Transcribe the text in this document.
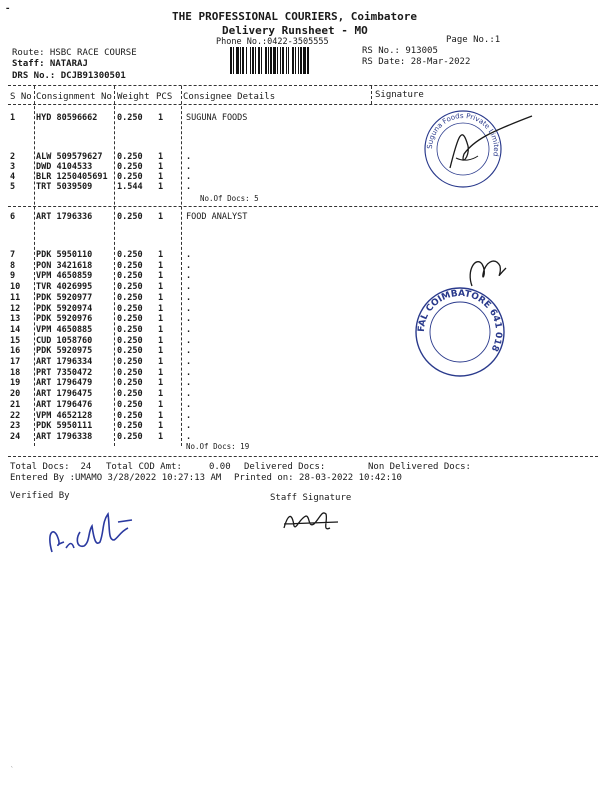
-
THE PROFESSIONAL COURIERS, Coimbatore
Delivery Runsheet - MO
Phone No.:0422-3505555	Page No.:1
Route: HSBC RACE COURSE
Staff: NATARAJ
DRS No.: DCJB91300501
RS No.: 913005
RS Date: 28-Mar-2022
S No Consignment No Weight PCS Consignee Details	Signature
1 HYD 80596662 0.250 1	SUGUNA FOODS
2 ALW 509579627 0.250 1	.
3 DWD 4104533	0.250 1	.
4 BLR 1250405691 0.250 1	.
5 TRT 5039509	1.544 1	.
No.Of Docs: 5
6 ART 1796336	0.250 1	FOOD ANALYST
7 PDK 5950110	0.250 1	.
8 PON 3421618	0.250 1	.
9 VPM 4650859	0.250 1	.
10 TVR 4026995	0.250 1	.
11 PDK 5920977	0.250 1	.
12 PDK 5920974	0.250 1	.
13 PDK 5920976	0.250 1	.
14 VPM 4650885	0.250 1	.
15 CUD 1058760	0.250 1	.
16 PDK 5920975	0.250 1	.
17 ART 1796334	0.250 1	.
18 PRT 7350472	0.250 1	.
19 ART 1796479	0.250 1	.
20 ART 1796475	0.250 1	.
21 ART 1796476	0.250 1	.
22 VPM 4652128	0.250 1	.
23 PDK 5950111	0.250 1	.
24 ART 1796338	0.250 1	.
No.Of Docs: 19
Total Docs:  24 Total COD Amt:     0.00 Delivered Docs:	Non Delivered Docs:
Entered By :UMAMO 3/28/2022 10:27:13 AM Printed on: 28-03-2022 10:42:10
Verified By	Staff Signature
Suguna Foods Private Limited
FAL COIMBATORE 641 018
`
